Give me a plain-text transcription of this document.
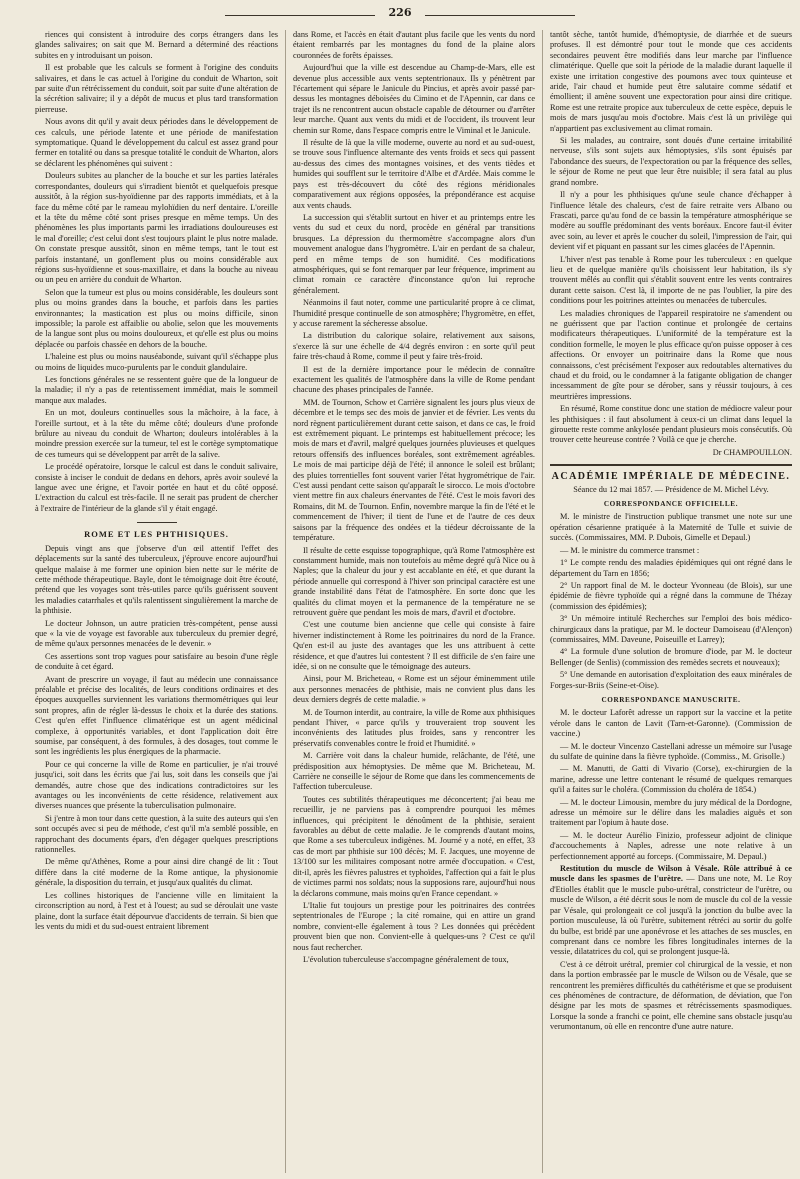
226

riences qui consistent à introduire des corps étrangers dans les glandes salivaires; on sait que M. Bernard a déterminé des réactions subites en y introduisant un poison.

Il est probable que les calculs se forment à l'origine des conduits salivaires, et dans le cas actuel à l'origine du conduit de Wharton, soit par suite d'un rétrécissement du conduit, soit par suite d'une altération de la sécrétion salivaire; il y a dépôt de mucus et plus tard transformation pierreuse.

Nous avons dit qu'il y avait deux périodes dans le développement de ces calculs, une période latente et une période de manifestation symptomatique. Quand le développement du calcul est assez grand pour fermer en totalité ou dans sa presque totalité le conduit de Wharton, alors se déclarent les phénomènes qui suivent :

Douleurs subites au plancher de la bouche et sur les parties latérales correspondantes, douleurs qui s'irradient bientôt et quelquefois presque aussitôt, à la région sus-hyoïdienne par des rapports immédiats, et à la face du même côté par le rameau mylohïdien du nerf dentaire. L'oreille et la tête du même côté sont prises presque en même temps. Un des phénomènes les plus importants parmi les irradiations douloureuses est le mal d'oreille; c'est celui dont s'est toujours plaint le plus notre malade. On constate presque aussitôt, sinon en même temps, tant le tout est parfois instantané, un gonflement plus ou moins considérable aux régions sus-hyoïdienne et sous-maxillaire, et dans la bouche au niveau ou un peu en arrière du conduit de Wharton.

Selon que la tumeur est plus ou moins considérable, les douleurs sont plus ou moins grandes dans la bouche, et parfois dans les parties environnantes; la mastication est plus ou moins difficile, sinon impossible; la parole est affaiblie ou abolie, selon que les mouvements de la langue sont plus ou moins douloureux, et qu'elle est plus ou moins déplacée ou parfois chassée en dehors de la bouche.

L'haleine est plus ou moins nauséabonde, suivant qu'il s'échappe plus ou moins de liquides muco-purulents par le conduit glandulaire.

Les fonctions générales ne se ressentent guère que de la longueur de la maladie; il n'y a pas de retentissement immédiat, mais le sommeil manque aux malades.

En un mot, douleurs continuelles sous la mâchoire, à la face, à l'oreille surtout, et à la tête du même côté; douleurs d'une profonde brûlure au niveau du conduit de Wharton; douleurs intolérables à la moindre pression exercée sur la tumeur, tel est le cortège symptomatique de ces tumeurs qui se développent par arrêt de la salive.

Le procédé opératoire, lorsque le calcul est dans le conduit salivaire, consiste à inciser le conduit de dedans en dehors, après avoir soulevé la langue avec une érigne, et l'avoir portée en haut et du côté opposé. L'extraction du calcul est très-facile. Il ne serait pas prudent de chercher à l'extraire de l'intérieur de la glande s'il y était engagé.

ROME ET LES PHTHISIQUES.

Depuis vingt ans que j'observe d'un œil attentif l'effet des déplacements sur la santé des tuberculeux, j'éprouve encore aujourd'hui quelque malaise à me former une opinion bien nette sur le mérite de cette méthode thérapeutique. Bayle, dont le témoignage doit être écouté, prétend que les voyages sont très-utiles parce qu'ils guérissent souvent les maladies catarrhales et qu'ils ralentissent singulièrement la marche de la phthisie.

Le docteur Johnson, un autre praticien très-compétent, pense aussi que « la vie de voyage est favorable aux tuberculeux du premier degré, de même qu'aux personnes menacées de le devenir. »

Ces assertions sont trop vagues pour satisfaire au besoin d'une règle de conduite à cet égard.

Avant de prescrire un voyage, il faut au médecin une connaissance préalable et précise des localités, de leurs conditions ordinaires et des époques auxquelles surviennent les variations thermométriques qui leur sont propres, afin de régler là-dessus le choix et la durée des stations. C'est qu'en effet l'influence climatérique est un agent médicinal complexe, à opportunités variables, et dont l'application doit être soumise, par conséquent, à des formules, à des dosages, tout comme le sont les ingrédients les plus énergiques de la pharmacie.

Pour ce qui concerne la ville de Rome en particulier, je n'ai trouvé jusqu'ici, soit dans les écrits que j'ai lus, soit dans les conseils que j'ai demandés, autre chose que des indications contradictoires sur les avantages ou les inconvénients de cette résidence, relativement aux diverses nuances que présente la tuberculisation pulmonaire.

Si j'entre à mon tour dans cette question, à la suite des auteurs qui s'en sont occupés avec si peu de méthode, c'est qu'il m'a semblé possible, en rapprochant des documents épars, d'en dégager quelques prescriptions rationnelles.

De même qu'Athènes, Rome a pour ainsi dire changé de lit : Tout diffère dans la cité moderne de la Rome antique, la physionomie générale, la disposition du terrain, et jusqu'aux qualités du climat.

Les collines historiques de l'ancienne ville en limitaient la circonscription au nord, à l'est et à l'ouest; au sud se déroulait une vaste plaine, dont la surface était dépourvue d'accidents de terrain. Si bien que les vents du midi et du sud-ouest entraient librement

dans Rome, et l'accès en était d'autant plus facile que les vents du nord étaient rembarrés par les montagnes du fond de la plaine alors couronnées de forêts épaisses.

Aujourd'hui que la ville est descendue au Champ-de-Mars, elle est devenue plus accessible aux vents septentrionaux. Ils y pénètrent par l'écartement qui sépare le Janicule du Pincius, et après avoir passé par-dessus les montagnes déboisées du Cimino et de l'Apennin, car dans ce trajet ils ne rencontrent aucun obstacle capable de détourner ou d'arrêter leur marche. Quant aux vents du midi et de l'occident, ils trouvent leur chemin sur Rome, dans l'espace compris entre le Viminal et le Janicule.

Il résulte de là que la ville moderne, ouverte au nord et au sud-ouest, se trouve sous l'influence alternante des vents froids et secs qui passent au-dessus des cimes des montagnes voisines, et des vents tièdes et humides qui soufflent sur le territoire d'Albe et d'Ardée. Mais comme le pays est très-découvert du côté des régions méridionales comparativement aux régions opposées, la prépondérance est acquise aux vents chauds.

La succession qui s'établit surtout en hiver et au printemps entre les vents du sud et ceux du nord, procède en général par transitions brusques. La dépression du thermomètre s'accompagne alors d'un mouvement analogue dans l'hygromètre. L'air en perdant de sa chaleur, perd en même temps de son humidité. Ces modifications atmosphériques, qui se font remarquer par leur fréquence, impriment au climat romain ce caractère d'inconstance qu'on lui reproche généralement.

Néanmoins il faut noter, comme une particularité propre à ce climat, l'humidité presque continuelle de son atmosphère; l'hygromètre, en effet, y accuse rarement la sécheresse absolue.

La distribution du calorique solaire, relativement aux saisons, s'exerce là sur une échelle de 4/4 degrés environ : en sorte qu'il peut faire très-chaud à Rome, comme il peut y faire très-froid.

Il est de la dernière importance pour le médecin de connaître exactement les qualités de l'atmosphère dans la ville de Rome pendant chacune des phases principales de l'année.

MM. de Tournon, Schow et Carrière signalent les jours plus vieux de décembre et le temps sec des mois de janvier et de février. Les vents du nord règnent particulièrement durant cette saison, et dans ce cas, le froid est extrêmement piquant. Le printemps est habituellement précoce; les mois de mars et d'avril, malgré quelques journées pluvieuses et quelques retours offensifs des influences boréales, sont extrêmement agréables. Le mois de mai participe déjà de l'été; il annonce le soleil est brûlant; des pluies torrentielles font souvent varier l'état hygrométrique de l'air. C'est aussi pendant cette saison qu'apparaît le sirocco. Le mois d'octobre vient mettre fin aux chaleurs énervantes de l'été. C'est le mois favori des Romains, dit M. de Tournon. Enfin, novembre marque la fin de l'été et le commencement de l'hiver; il tient de l'une et de l'autre de ces deux saisons par la fréquence des ondées et la tiédeur décroissante de la température.

Il résulte de cette esquisse topographique, qu'à Rome l'atmosphère est constamment humide, mais non toutefois au même degré qu'à Nice ou à Naples; que la chaleur du jour y est accablante en été, et que durant la période annuelle qui correspond à l'hiver son principal caractère est une grande instabilité dans l'état de l'atmosphère. En sorte donc que les qualités du climat moyen et la permanence de la température ne se retrouvent guère que pendant les mois de mars, d'avril et d'octobre.

C'est une coutume bien ancienne que celle qui consiste à faire hiverner indistinctement à Rome les poitrinaires du nord de la France. Qu'en est-il au juste des avantages que les uns attribuent à cette résidence, et que d'autres lui contestent ? Il est difficile de s'en faire une idée, si on ne consulte que le témoignage des auteurs.

Ainsi, pour M. Bricheteau, « Rome est un séjour éminemment utile aux personnes menacées de phthisie, mais ne convient plus dans les deux derniers degrés de cette maladie. »

M. de Tournon interdit, au contraire, la ville de Rome aux phthisiques pendant l'hiver, « parce qu'ils y trouveraient trop souvent les inconvénients des latitudes plus froides, sans y rencontrer les préservatifs convenables contre le froid et l'humidité. »

M. Carrière voit dans la chaleur humide, relâchante, de l'été, une prédisposition aux hémoptysies. De même que M. Bricheteau, M. Carrière ne conseille le séjour de Rome que dans les commencements de l'affection tuberculeuse.

Toutes ces subtilités thérapeutiques me déconcertent; j'ai beau me recueillir, je ne parviens pas à comprendre pourquoi les mêmes influences, qui précipitent le dénoûment de la phthisie, seraient favorables au début de cette maladie. Je le comprends d'autant moins, que Rome a ses tuberculeux indigènes. M. Journé y a noté, en effet, 33 cas de mort par phthisie sur 100 décès; M. F. Jacques, une moyenne de 13/100 sur les militaires composant notre armée d'occupation. « C'est, dit-il, après les fièvres palustres et typhoïdes, l'affection qui a fait le plus de victimes parmi nos soldats; nous la supposions rare, aujourd'hui nous la déclarons commune, mais moins qu'en France cependant. »

L'Italie fut toujours un prestige pour les poitrinaires des contrées septentrionales de l'Europe ; la cité romaine, qui en attire un grand nombre, convient-elle également à tous ? Les données qui précèdent prouvent bien que non. Convient-elle à quelques-uns ? C'est ce qu'il nous faut rechercher.

L'évolution tuberculeuse s'accompagne généralement de toux,

tantôt sèche, tantôt humide, d'hémoptysie, de diarrhée et de sueurs profuses. Il est démontré pour tout le monde que ces accidents secondaires peuvent être modifiés dans leur marche par l'influence climatérique. Quelle que soit la période de la maladie durant laquelle il existe une irritation congestive des poumons avec toux quinteuse et aride, l'air chaud et humide peut être salutaire comme sédatif et émollient; il amène souvent une expectoration pour ainsi dire critique. Rome est une retraite propice aux tuberculeux de cette espèce, depuis le mois de mars jusqu'au mois d'octobre. Mais c'est là un privilège qui n'appartient pas exclusivement au climat romain.

Si les malades, au contraire, sont doués d'une certaine irritabilité nerveuse, s'ils sont sujets aux hémoptysies, s'ils sont épuisés par l'abondance des sueurs, de l'expectoration ou par la fréquence des selles, le séjour de Rome ne peut que leur être nuisible; il sera fatal au plus grand nombre.

Il n'y a pour les phthisiques qu'une seule chance d'échapper à l'influence létale des chaleurs, c'est de faire retraite vers Albano ou Frascati, parce qu'au fond de ce bassin la température atmosphérique se modère au souffle prédominant des vents boréaux. Encore faut-il éviter avec soin, au lever et après le coucher du soleil, l'impression de l'air, qui devient vif et piquant en passant sur les cimes glacées de l'Apennin.

L'hiver n'est pas tenable à Rome pour les tuberculeux : en quelque lieu et de quelque manière qu'ils choisissent leur habitation, ils s'y trouvent mêlés au conflit qui s'établit souvent entre les vents contraires durant cette saison. C'est là, il importe de ne pas l'oublier, la pire des conditions pour les poitrines atteintes ou menacées de tubercules.

Les maladies chroniques de l'appareil respiratoire ne s'amendent ou ne guérissent que par l'action continue et prolongée de certains modificateurs thérapeutiques. L'uniformité de la température est la condition formelle, le moyen le plus efficace qu'on puisse opposer à ces affections. Or envoyer un poitrinaire dans la Rome que nous connaissons, c'est précisément l'exposer aux redoutables alternatives du chaud et du froid, ou le condamner à la fatigante obligation de changer incessamment de gîte pour se dérober, sans y réussir toujours, à ces meurtrières impressions.

En résumé, Rome constitue donc une station de médiocre valeur pour les phthisiques : il faut absolument à ceux-ci un climat dans lequel la girouette reste comme ankylosée pendant plusieurs mois consécutifs. Où trouver cette heureuse contrée ? Voilà ce que je cherche.

Dr CHAMPOUILLON.
ACADÉMIE IMPÉRIALE DE MÉDECINE.
Séance du 12 mai 1857. — Présidence de M. Michel Lévy.
CORRESPONDANCE OFFICIELLE.

M. le ministre de l'instruction publique transmet une note sur une opération césarienne pratiquée à la Maternité de Tulle et suivie de succès. (Commissaires, MM. P. Dubois, Gimelle et Depaul.)

— M. le ministre du commerce transmet :

1° Le compte rendu des maladies épidémiques qui ont régné dans le département du Tarn en 1856;

2° Un rapport final de M. le docteur Yvonneau (de Blois), sur une épidémie de fièvre typhoïde qui a régné dans la commune de Thézay (commission des épidémies);

3° Un mémoire intitulé Recherches sur l'emploi des bois médico-chirurgicaux dans la pratique, par M. le docteur Damoiseau (d'Alençon) (commissaires, MM. Daveune, Poiseuille et Larrey);

4° La formule d'une solution de bromure d'iode, par M. le docteur Bellenger (de Senlis) (commission des remèdes secrets et nouveaux);

5° Une demande en autorisation d'exploitation des eaux minérales de Forges-sur-Briis (Seine-et-Oise).

CORRESPONDANCE MANUSCRITE.

M. le docteur Laforêt adresse un rapport sur la vaccine et la petite vérole dans le canton de Lavit (Tarn-et-Garonne). (Commission de vaccine.)

— M. le docteur Vincenzo Castellani adresse un mémoire sur l'usage du sulfate de quinine dans la fièvre typhoïde. (Commiss., M. Grisolle.)

— M. Manutti, de Gatti di Vivario (Corse), ex-chirurgien de la marine, adresse une lettre contenant le résumé de quelques remarques qu'il a faites sur le choléra. (Commission du choléra de 1854.)

— M. le docteur Limousin, membre du jury médical de la Dordogne, adresse un mémoire sur le délire dans les maladies aiguës et son traitement par l'opium à haute dose.

— M. le docteur Aurélio Finizio, professeur adjoint de clinique d'accouchements à Naples, adresse une note relative à un perfectionnement apporté au forceps. (Commissaire, M. Depaul.)

Restitution du muscle de Wilson à Vésale. Rôle attribué à ce muscle dans les spasmes de l'urètre. — Dans une note, M. Le Roy d'Etiolles établit que le muscle pubo-urétral, constricteur de l'urètre, ou muscle de Wilson, a été décrit sous le nom de muscle du col de la vessie par Vésale, qui prolongeait ce col jusqu'à la jonction du bulbe avec la portion musculeuse, là où l'urètre, subitement rétréci au sortir du golfe du bulbe, est bridé par une aponévrose et les attaches de ses muscles, en comprenant dans ce nombre les fibres longitudinales internes de la vessie, dilatatrices du col, qui se prolongent jusque-là.

C'est à ce détroit urétral, premier col chirurgical de la vessie, et non dans la portion embrassée par le muscle de Wilson ou de Vésale, que se rencontrent les premières difficultés du cathétérisme et que se produisent ces phénomènes de contracture, de déformation, de déviation, que l'on désigne par les mots de spasmes et rétrécissements spasmodiques. Lorsque la sonde a franchi ce point, elle chemine sans obstacle jusqu'au verumontanum, où elle en rencontre d'une autre nature.
